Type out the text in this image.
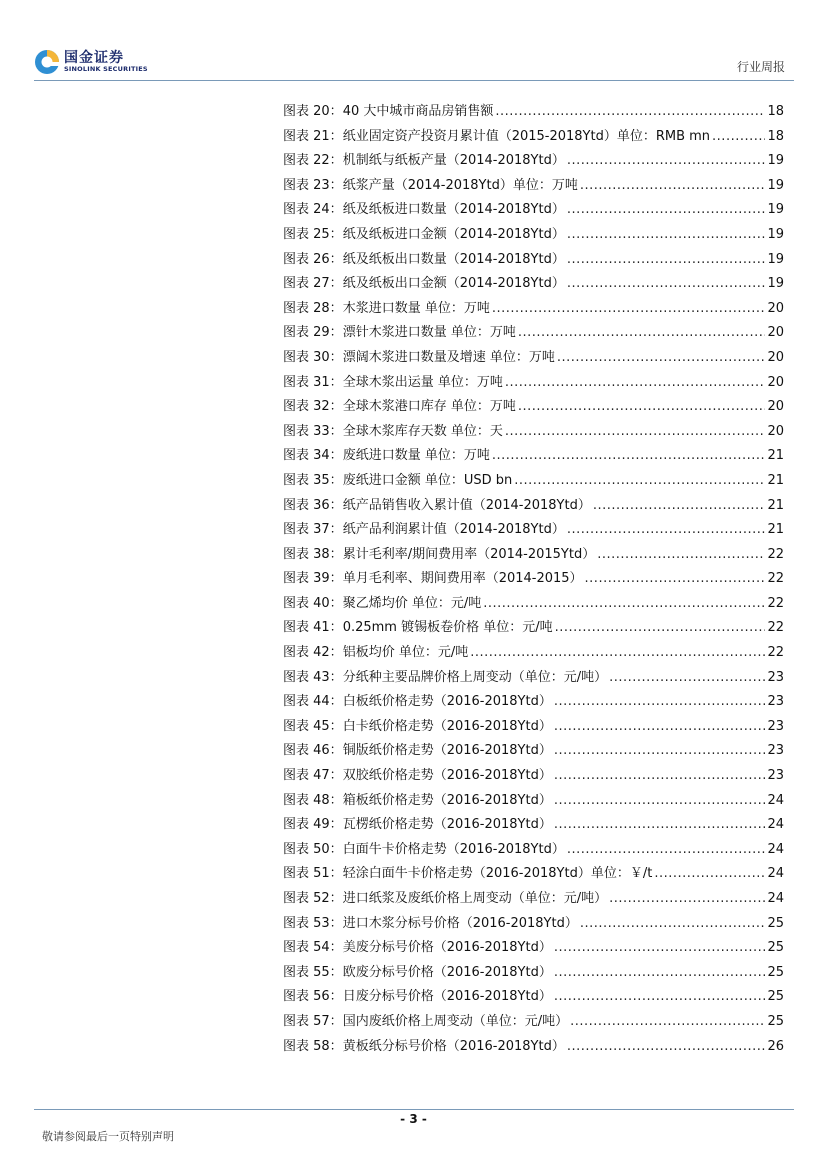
国金证券
SINOLINK SECURITIES	行业周报
图表 20： 40 大中城市商品房销售额 .....	18
图表 21： 纸业固定资产投资月累计值（2015-2018Ytd）单位：RMB mn .....	18
图表 22： 机制纸与纸板产量（2014-2018Ytd） .....	19
图表 23： 纸浆产量（2014-2018Ytd）单位：万吨 .....	19
图表 24： 纸及纸板进口数量（2014-2018Ytd） .....	19
图表 25： 纸及纸板进口金额（2014-2018Ytd） .....	19
图表 26： 纸及纸板出口数量（2014-2018Ytd） .....	19
图表 27： 纸及纸板出口金额（2014-2018Ytd） .....	19
图表 28： 木浆进口数量 单位：万吨 .....	20
图表 29： 漂针木浆进口数量 单位：万吨 .....	20
图表 30： 漂阔木浆进口数量及增速 单位：万吨 .....	20
图表 31： 全球木浆出运量 单位：万吨 .....	20
图表 32： 全球木浆港口库存 单位：万吨 .....	20
图表 33： 全球木浆库存天数 单位：天 .....	20
图表 34： 废纸进口数量 单位：万吨 .....	21
图表 35： 废纸进口金额 单位：USD bn .....	21
图表 36： 纸产品销售收入累计值（2014-2018Ytd） .....	21
图表 37： 纸产品利润累计值（2014-2018Ytd） .....	21
图表 38： 累计毛利率/期间费用率（2014-2015Ytd） .....	22
图表 39： 单月毛利率、期间费用率（2014-2015） .....	22
图表 40： 聚乙烯均价 单位：元/吨 .....	22
图表 41： 0.25mm 镀锡板卷价格 单位：元/吨 .....	22
图表 42： 铝板均价 单位：元/吨 .....	22
图表 43： 分纸种主要品牌价格上周变动（单位：元/吨） .....	23
图表 44： 白板纸价格走势（2016-2018Ytd） .....	23
图表 45： 白卡纸价格走势（2016-2018Ytd） .....	23
图表 46： 铜版纸价格走势（2016-2018Ytd） .....	23
图表 47： 双胶纸价格走势（2016-2018Ytd） .....	23
图表 48： 箱板纸价格走势（2016-2018Ytd） .....	24
图表 49： 瓦楞纸价格走势（2016-2018Ytd） .....	24
图表 50： 白面牛卡价格走势（2016-2018Ytd） .....	24
图表 51： 轻涂白面牛卡价格走势（2016-2018Ytd）单位：￥/t .....	24
图表 52： 进口纸浆及废纸价格上周变动（单位：元/吨） .....	24
图表 53： 进口木浆分标号价格（2016-2018Ytd） .....	25
图表 54： 美废分标号价格（2016-2018Ytd） .....	25
图表 55： 欧废分标号价格（2016-2018Ytd） .....	25
图表 56： 日废分标号价格（2016-2018Ytd） .....	25
图表 57： 国内废纸价格上周变动（单位：元/吨） .....	25
图表 58： 黄板纸分标号价格（2016-2018Ytd） .....	26
- 3 -
敬请参阅最后一页特别声明
